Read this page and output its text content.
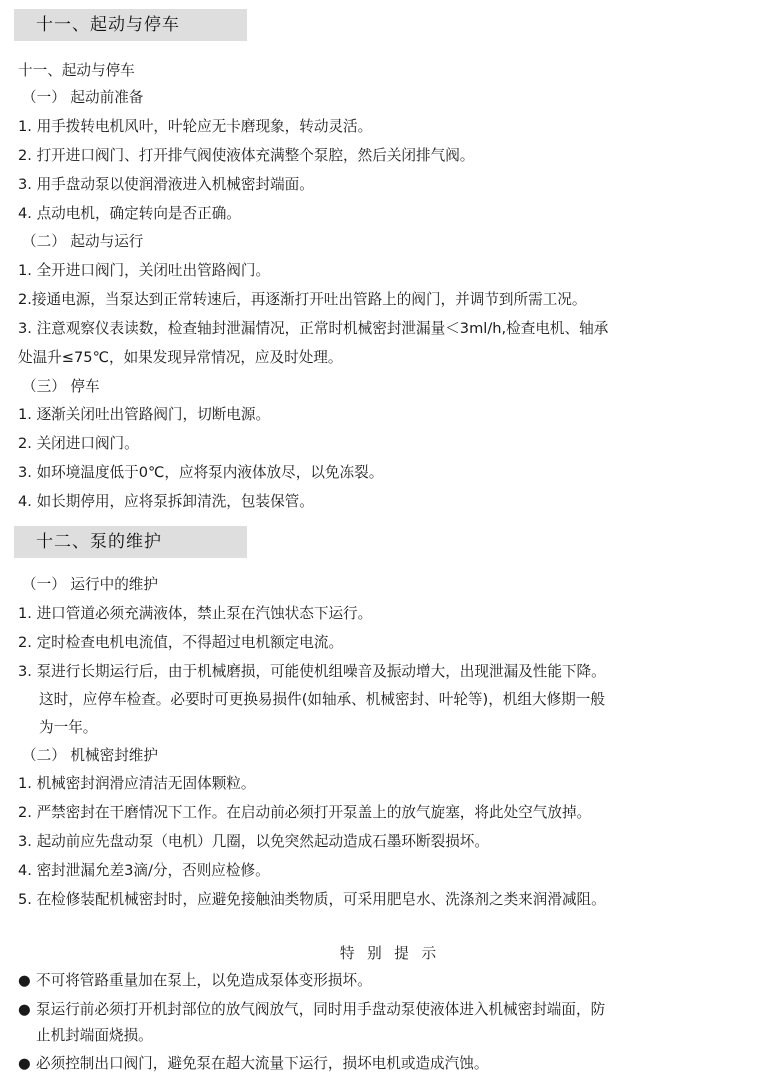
十一、起动与停车
十一、起动与停车
（一） 起动前准备
1. 用手拨转电机风叶，叶轮应无卡磨现象，转动灵活。
2. 打开进口阀门、打开排气阀使液体充满整个泵腔，然后关闭排气阀。
3. 用手盘动泵以使润滑液进入机械密封端面。
4. 点动电机，确定转向是否正确。
（二） 起动与运行
1. 全开进口阀门，关闭吐出管路阀门。
2.接通电源，当泵达到正常转速后，再逐渐打开吐出管路上的阀门，并调节到所需工况。
3. 注意观察仪表读数，检查轴封泄漏情况，正常时机械密封泄漏量＜3ml/h,检查电机、轴承
处温升≤75℃，如果发现异常情况，应及时处理。
（三） 停车
1. 逐渐关闭吐出管路阀门，切断电源。
2. 关闭进口阀门。
3. 如环境温度低于0℃，应将泵内液体放尽，以免冻裂。
4. 如长期停用，应将泵拆卸清洗，包装保管。
十二、泵的维护
（一） 运行中的维护
1. 进口管道必须充满液体，禁止泵在汽蚀状态下运行。
2. 定时检查电机电流值，不得超过电机额定电流。
3. 泵进行长期运行后，由于机械磨损，可能使机组噪音及振动增大，出现泄漏及性能下降。
这时，应停车检查。必要时可更换易损件(如轴承、机械密封、叶轮等)，机组大修期一般
为一年。
（二） 机械密封维护
1. 机械密封润滑应清洁无固体颗粒。
2. 严禁密封在干磨情况下工作。在启动前必须打开泵盖上的放气旋塞，将此处空气放掉。
3. 起动前应先盘动泵（电机）几圈，以免突然起动造成石墨环断裂损坏。
4. 密封泄漏允差3滴/分，否则应检修。
5. 在检修装配机械密封时，应避免接触油类物质，可采用肥皂水、洗涤剂之类来润滑减阻。
特 别 提 示
● 不可将管路重量加在泵上，以免造成泵体变形损坏。
● 泵运行前必须打开机封部位的放气阀放气，同时用手盘动泵使液体进入机械密封端面，防
止机封端面烧损。
● 必须控制出口阀门，避免泵在超大流量下运行，损坏电机或造成汽蚀。
